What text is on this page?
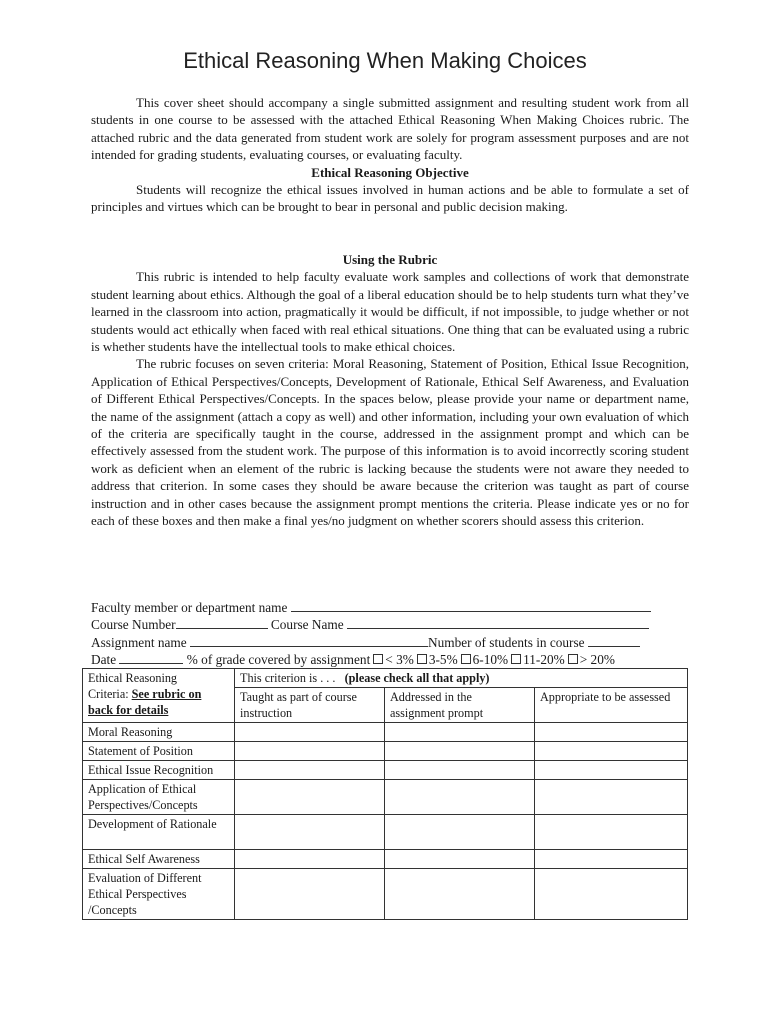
Ethical Reasoning When Making Choices

This cover sheet should accompany a single submitted assignment and resulting student work from all students in one course to be assessed with the attached Ethical Reasoning When Making Choices rubric. The attached rubric and the data generated from student work are solely for program assessment purposes and are not intended for grading students, evaluating courses, or evaluating faculty.

Ethical Reasoning Objective

Students will recognize the ethical issues involved in human actions and be able to formulate a set of principles and virtues which can be brought to bear in personal and public decision making.

Using the Rubric

This rubric is intended to help faculty evaluate work samples and collections of work that demonstrate student learning about ethics. Although the goal of a liberal education should be to help students turn what they’ve learned in the classroom into action, pragmatically it would be difficult, if not impossible, to judge whether or not students would act ethically when faced with real ethical situations. One thing that can be evaluated using a rubric is whether students have the intellectual tools to make ethical choices.

The rubric focuses on seven criteria: Moral Reasoning, Statement of Position, Ethical Issue Recognition, Application of Ethical Perspectives/Concepts, Development of Rationale, Ethical Self Awareness, and Evaluation of Different Ethical Perspectives/Concepts. In the spaces below, please provide your name or department name, the name of the assignment (attach a copy as well) and other information, including your own evaluation of which of the criteria are specifically taught in the course, addressed in the assignment prompt and which can be effectively assessed from the student work. The purpose of this information is to avoid incorrectly scoring student work as deficient when an element of the rubric is lacking because the students were not aware they needed to address that criterion. In some cases they should be aware because the criterion was taught as part of course instruction and in other cases because the assignment prompt mentions the criteria. Please indicate yes or no for each of these boxes and then make a final yes/no judgment on whether scorers should assess this criterion.

Faculty member or department name
Course Number	Course Name
Assignment name	Number of students in course
Date	% of grade covered by assignment < 3% 3-5% 6-10% 11-20% > 20%
Ethical Reasoning
Criteria: See rubric on back for details	This criterion is . . . (please check all that apply)		
	Taught as part of course instruction	Addressed in the assignment prompt	Appropriate to be assessed
Moral Reasoning			
Statement of Position			
Ethical Issue Recognition			
Application of Ethical Perspectives/Concepts			
Development of Rationale			
Ethical Self Awareness			
Evaluation of Different Ethical Perspectives /Concepts			
